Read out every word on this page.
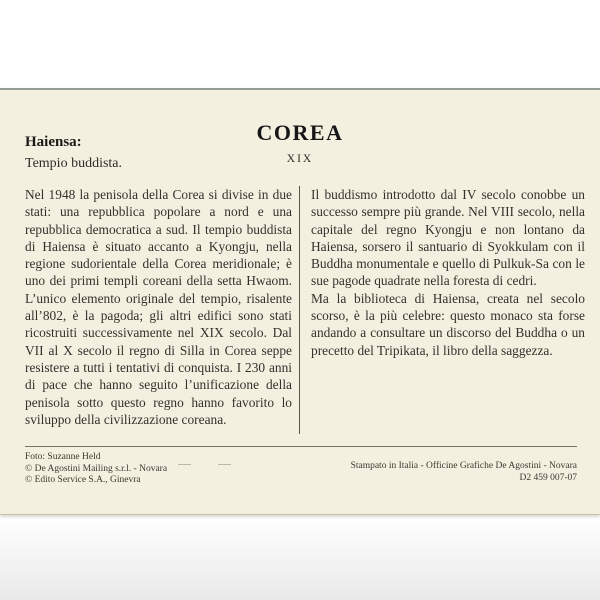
COREA
XIX
Haiensa:
Tempio buddista.

Nel 1948 la penisola della Corea si divise in due stati: una repubblica popolare a nord e una repubblica democratica a sud. Il tempio buddista di Haiensa è situato accanto a Kyongju, nella regione sudorientale della Corea meridionale; è uno dei primi templi coreani della setta Hwaom. L’unico elemento originale del tempio, risalente all’802, è la pagoda; gli altri edifici sono stati ricostruiti successivamente nel XIX secolo. Dal VII al X secolo il regno di Silla in Corea seppe resistere a tutti i tentativi di conquista. I 230 anni di pace che hanno seguito l’unificazione della penisola sotto questo regno hanno favorito lo sviluppo della civilizzazione coreana.

Il buddismo introdotto dal IV secolo conobbe un successo sempre più grande. Nel VIII secolo, nella capitale del regno Kyongju e non lontano da Haiensa, sorsero il santuario di Syokkulam con il Buddha monumentale e quello di Pulkuk-Sa con le sue pagode quadrate nella foresta di cedri.

Ma la biblioteca di Haiensa, creata nel secolo scorso, è la più celebre: questo monaco sta forse andando a consultare un discorso del Buddha o un precetto del Tripikata, il libro della saggezza.

Foto: Suzanne Held
© De Agostini Mailing s.r.l. - Novara
© Edito Service S.A., Ginevra
Stampato in Italia - Officine Grafiche De Agostini - Novara
D2 459 007-07
